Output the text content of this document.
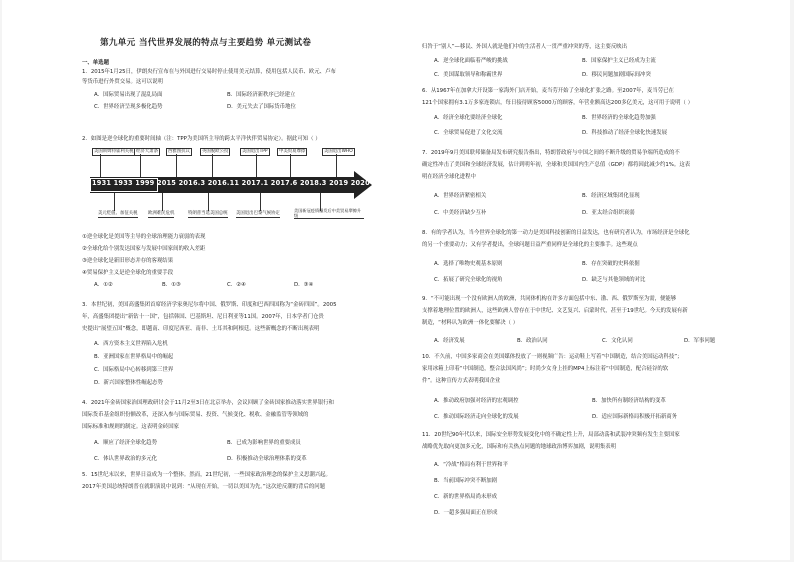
第九单元 当代世界发展的特点与主要趋势 单元测试卷
一、单选题
1．2015年1月25日，伊朗央行宣布在与外国进行交易时停止使用美元结算，使用包括人民币、欧元、卢布
等货币进行外贸交易。这可以说明
A．国际贸易出现了混乱局面	B．国际经济新秩序已经建立
C．世界经济呈现多极化趋势	D．美元失去了国际货币地位
2．如图是逆全球化的重要时间轴（注：TPP为美国所主导的跨太平洋伙伴贸易协定）。据此可知（ ）
美国斯姆特霍利关税 经济大萧条	西雅图抗议	英国脱欧公投	美国退出TPP	中美贸易摩擦	美国退出WHO
1931 1933 1999 2015 2016.3 2016.11 2017.1 2017.6 2018.3 2019 2020
美元贬值、加征关税 欧洲难民危机	特朗普当选美国总统 美国退出巴黎气候协定
美国新冠疫情爆发后中美贸易摩擦升级
①逆全球化是美国等主导的全球治理能力衰弱的表现
②全球化给个别发达国家与发展中国家间的收入差距
③逆全球化是新旧形态并存的客观结果
④贸易保护主义是逆全球化的重要手段
A．①②	B．①③	C．②④	D．③④
3．本世纪初，美国高盛集团首席经济学家奥尼尔将中国、俄罗斯、印度和巴西四国称为“金砖四国”。2005
年，高盛集团提出“新钻十一国”，包括韩国、巴基斯坦、尼日利亚等11国。2007年，日本学者门仓贵
史提出“展望五国”概念，即越南、印度尼西亚、南非、土耳其和阿根廷。这些新概念的不断出现表明
A．西方资本主义世界陷入危机
B．亚洲国家在世界格局中的崛起
C．国际格局中心转移到第三世界
D．新兴国家整体性崛起态势
4．2021年金砖国家治国理政研讨会于11月2至3日在北京举办，会议回顾了金砖国家推动落实世界银行和
国际货币基金组织份额改革，还深入参与国际贸易、投资、气候变化、税收、金融监管等领域的
国际标准和规则的制定。这表明金砖国家
A．顺应了经济全球化趋势	B．已成为影响世界的重要成员
C．体认世界政治的多元化	D．积极推动全球治理体系的变革
5．15世纪末以来，世界日益成为一个整体。然而，21世纪初，一些国家政治理念的保护主义思潮兴起。
2017年美国总统特朗普在就职演说中说到：“从现在开始，一切以美国为先。”这次逆反潮的背后的问题
归咎于“别人”—移民、外国人就是他们中的生活者人一贯严重冲突的等，这主要反映出
A．逆全球化面临着严峻的挑战	B．国家保护主义已经成为主流
C．美国谋取领导和称霸世界	D．移民问题加剧国际间冲突
6．从1967年在加拿大开设第一家海外门店开始，麦当劳开始了全球化扩张之路。至2007年，麦当劳已在
121个国家拥有3.1万多家连锁店，每日接待顾客5000万的顾客，年营业额高达200多亿美元，这可用于说明（ ）
A．经济全球化要经济全球化	B．世界经济的全球化趋势加强
C．全球贸易促进了文化交流	D．科技推动了经济全球化快速发展
7．2019年9月美国联邦储备局发布研究报告指出，特朗普政府与中国之间的不断升级的贸易争端所造成的不
确定性冲击了美国和全球经济发展，估计到明年初，全球和美国国内生产总值（GDP）都将因此减少约1%。这表
明在经济全球化进程中
A．世界经济紧密相关	B．经济区域集团化显现
C．中美经济缺少互补	D．亚太经合组织衰弱
8．有的学者认为，当今世界全球化的第一动力是美国科技创新的日益发达，也有研究者认为，市场经济是全球化
的另一个重要动力；又有学者提出，全球问题日益严重同样是全球化的主要推手。这些观点
A．选择了唯物史观基本原则	B．存在突破的史料依据
C．拓展了研究全球化的视角	D．缺乏与其他领域的对比
9．“不可能出现一个没有欧洲人的欧洲，共同体机构在许多方面包括中东、渤、西、俄罗斯至为需，便能够
支撑着地理位置的欧洲人，这些欧洲人曾存在于中世纪、文艺复兴、启蒙时代，甚至于19世纪。今天的发展有新
制造，“材料认为欧洲一体化要解决（ ）
A．经济发展	B．政治认同	C．文化认同	D．军事问题
10．不久前，中国多家商会在美国媒体投放了一则视频广告：运动鞋上写着“中国制造，结合美国运动科技”；
家用冰箱上印着“中国制造，整合法国风尚”；时尚少女身上挂的MP4上标注着“中国制造，配合硅谷的软
件”。这种宣传方式表明我国企业
A．推动政府加强对经济的宏观调控	B．加快所有制经济结构的变革
C．推动国际经济走向全球化的发展	D．适应国际新格局积极开拓新商务
11．20世纪90年代以来，国际安全形势发展变化中的不确定性上升，局部动荡和武装冲突频有发生主要国家
战略优先取向更加多元化，国际和有关热点问题的地球政治博弈加剧，说明集表明
A．“冷战”格局有利于世界和平
B．当前国际冲突不断加剧
C．新的世界格局尚未形成
D．一超多强局面正在形成
